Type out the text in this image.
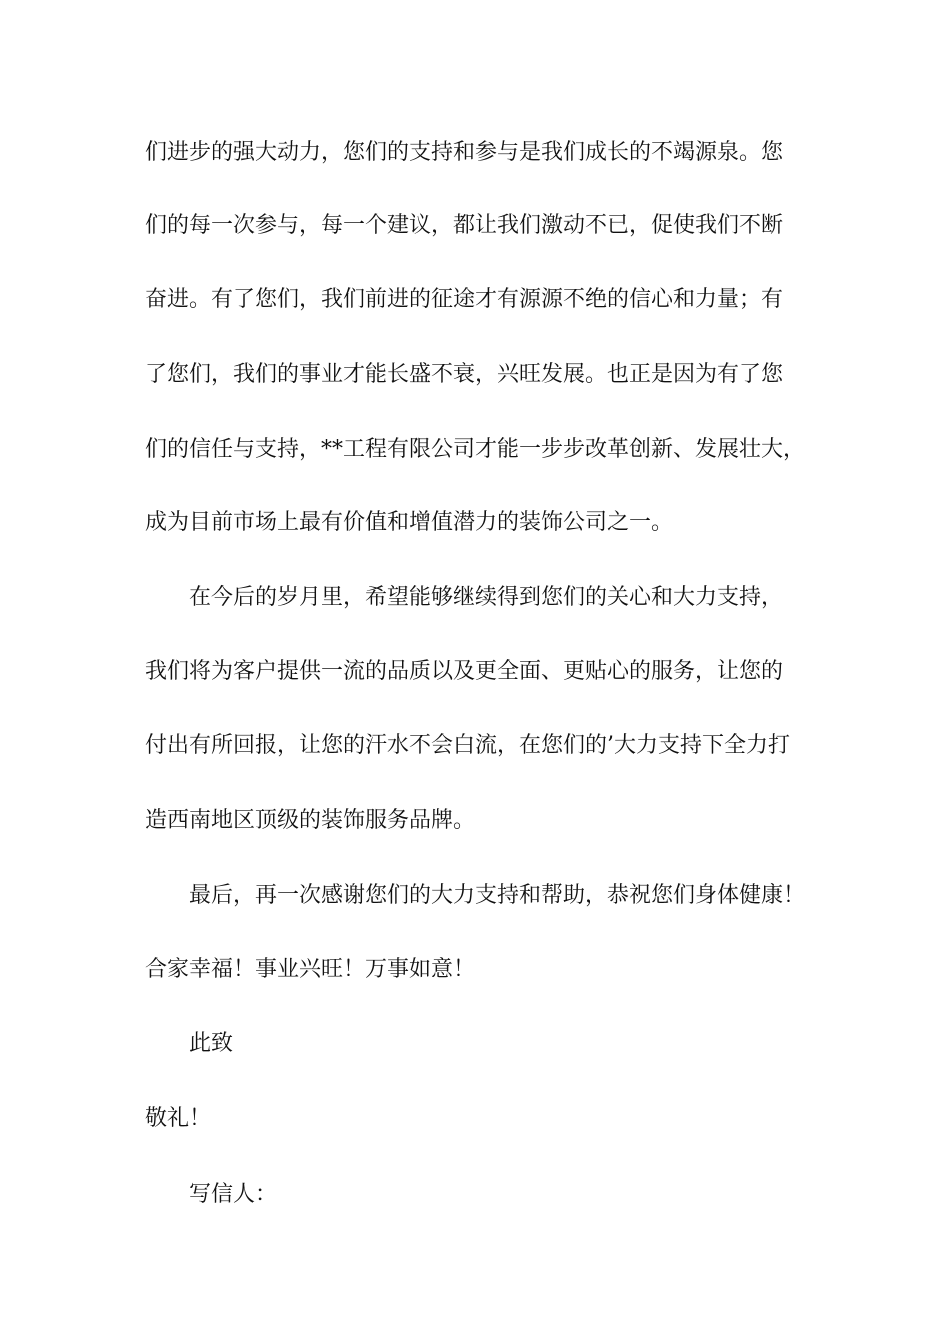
们进步的强大动力，您们的支持和参与是我们成长的不竭源泉。您

们的每一次参与，每一个建议，都让我们激动不已，促使我们不断

奋进。有了您们，我们前进的征途才有源源不绝的信心和力量；有

了您们，我们的事业才能长盛不衰，兴旺发展。也正是因为有了您

们的信任与支持，**工程有限公司才能一步步改革创新、发展壮大，

成为目前市场上最有价值和增值潜力的装饰公司之一。

在今后的岁月里，希望能够继续得到您们的关心和大力支持，

我们将为客户提供一流的品质以及更全面、更贴心的服务，让您的

付出有所回报，让您的汗水不会白流，在您们的’大力支持下全力打

造西南地区顶级的装饰服务品牌。

最后，再一次感谢您们的大力支持和帮助，恭祝您们身体健康！

合家幸福！事业兴旺！万事如意！

此致

敬礼！

写信人：
